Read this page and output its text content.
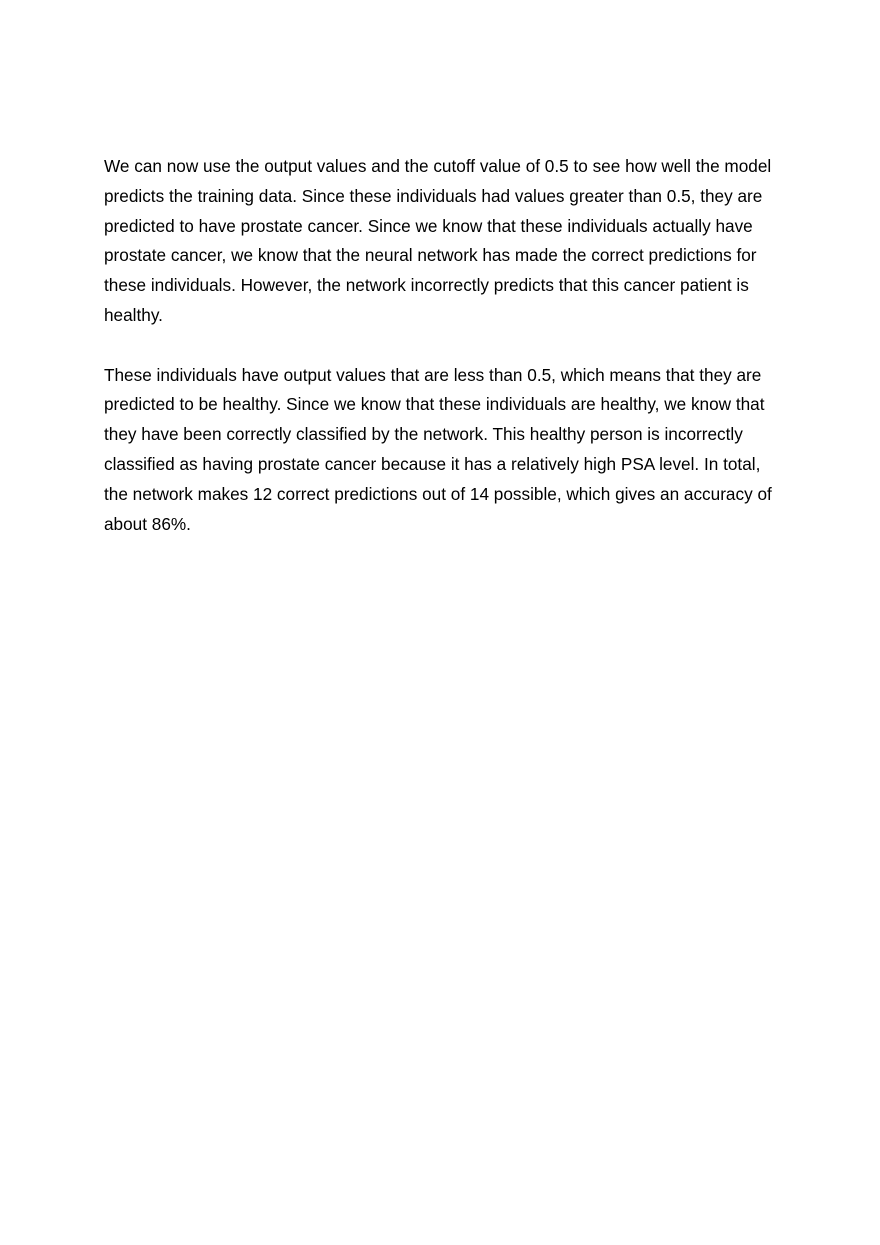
We can now use the output values and the cutoff value of 0.5 to see how well the model
predicts the training data. Since these individuals had values greater than 0.5, they are
predicted to have prostate cancer. Since we know that these individuals actually have
prostate cancer, we know that the neural network has made the correct predictions for
these individuals. However, the network incorrectly predicts that this cancer patient is
healthy.

These individuals have output values that are less than 0.5, which means that they are
predicted to be healthy. Since we know that these individuals are healthy, we know that
they have been correctly classified by the network. This healthy person is incorrectly
classified as having prostate cancer because it has a relatively high PSA level. In total,
the network makes 12 correct predictions out of 14 possible, which gives an accuracy of
about 86%.
